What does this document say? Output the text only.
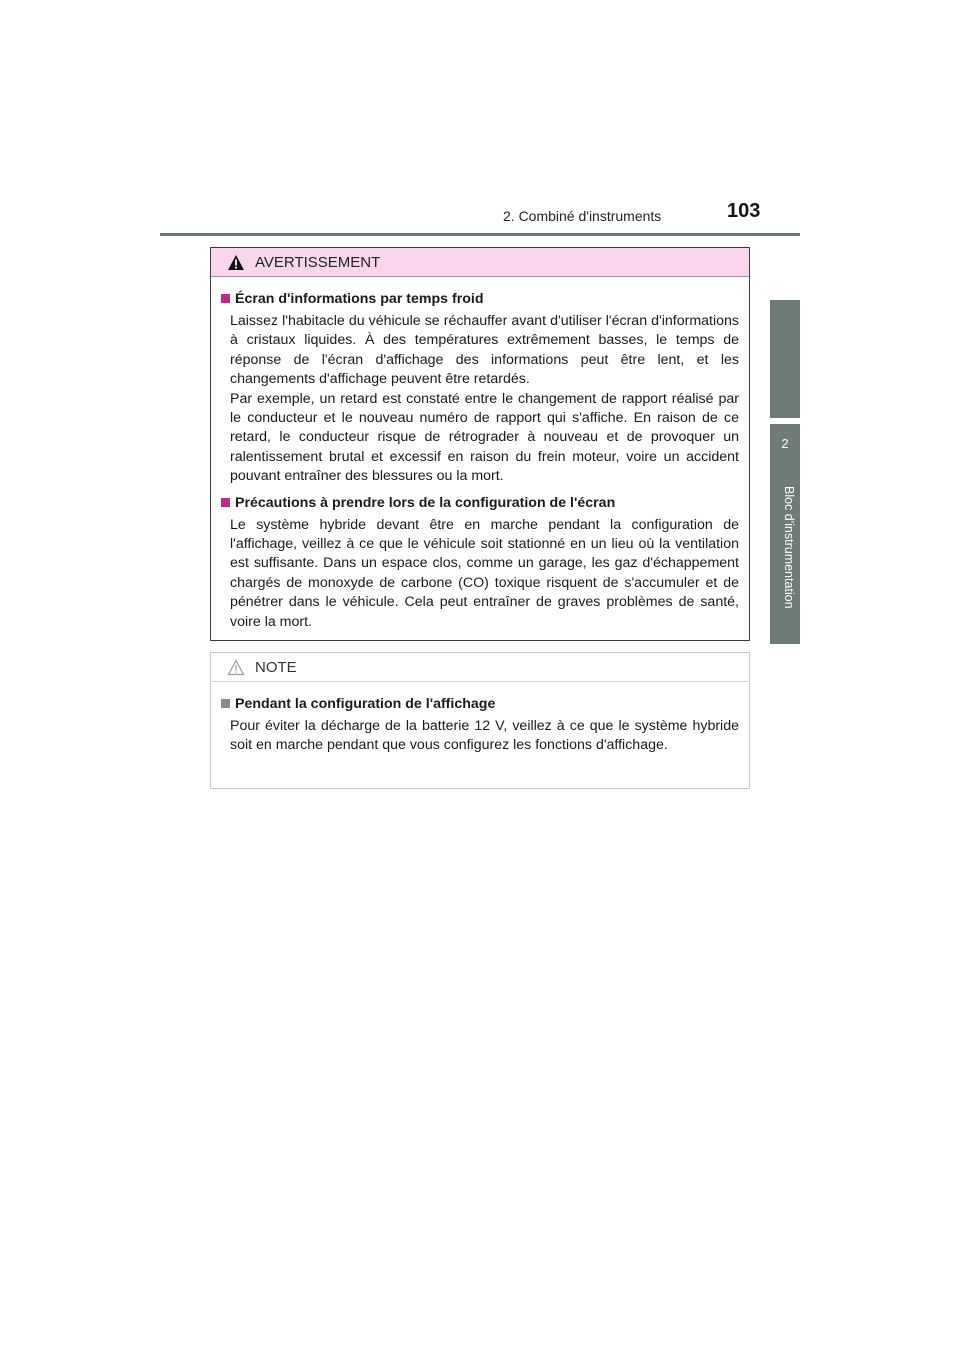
2. Combiné d'instruments	103
2
Bloc d'instrumentation
AVERTISSEMENT
Écran d'informations par temps froid

Laissez l'habitacle du véhicule se réchauffer avant d'utiliser l'écran d'informations à cristaux liquides. À des températures extrêmement basses, le temps de réponse de l'écran d'affichage des informations peut être lent, et les changements d'affichage peuvent être retardés.

Par exemple, un retard est constaté entre le changement de rapport réalisé par le conducteur et le nouveau numéro de rapport qui s'affiche. En raison de ce retard, le conducteur risque de rétrograder à nouveau et de provoquer un ralentissement brutal et excessif en raison du frein moteur, voire un accident pouvant entraîner des blessures ou la mort.

Précautions à prendre lors de la configuration de l'écran

Le système hybride devant être en marche pendant la configuration de l'affichage, veillez à ce que le véhicule soit stationné en un lieu où la ventilation est suffisante. Dans un espace clos, comme un garage, les gaz d'échappement chargés de monoxyde de carbone (CO) toxique risquent de s'accumuler et de pénétrer dans le véhicule. Cela peut entraîner de graves problèmes de santé, voire la mort.

NOTE
Pendant la configuration de l'affichage

Pour éviter la décharge de la batterie 12 V, veillez à ce que le système hybride soit en marche pendant que vous configurez les fonctions d'affichage.
